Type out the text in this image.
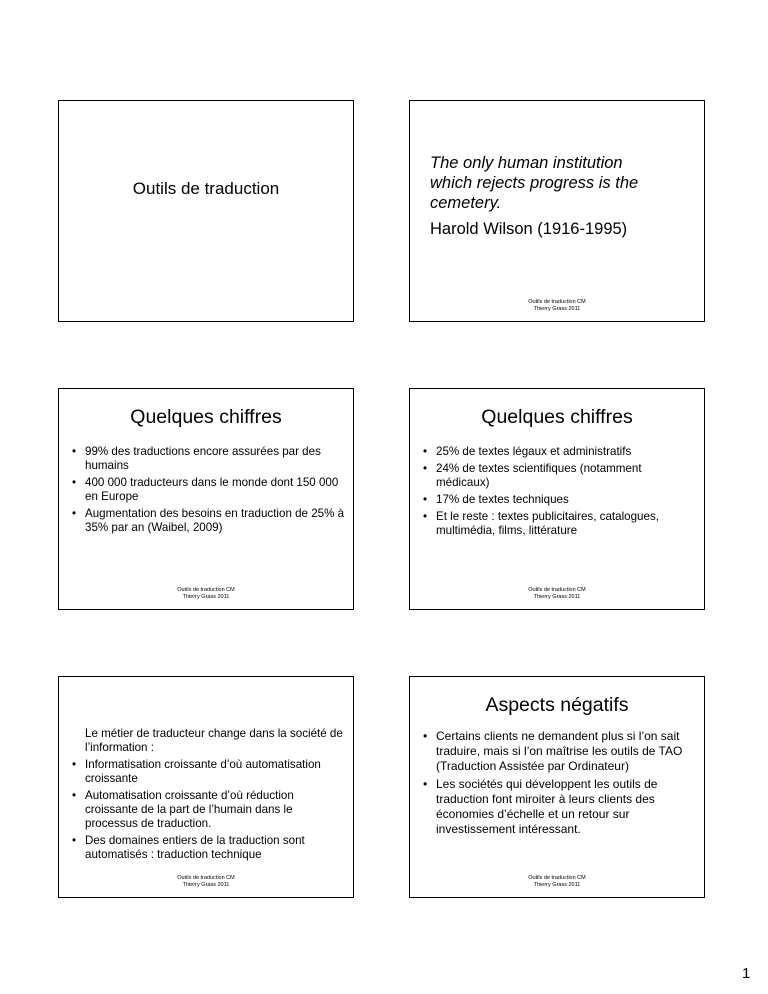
Outils de traduction
The only human institution
which rejects progress is the
cemetery.
Harold Wilson (1916-1995)
Outils de traduction CM
Thierry Grass 2011
Quelques chiffres
• 99% des traductions encore assurées par des humains
• 400 000 traducteurs dans le monde dont 150 000 en Europe
• Augmentation des besoins en traduction de 25% à 35% par an (Waibel, 2009)
Outils de traduction CM
Thierry Grass 2011
Quelques chiffres
• 25% de textes légaux et administratifs
• 24% de textes scientifiques (notamment médicaux)
• 17% de textes techniques
• Et le reste : textes publicitaires, catalogues, multimédia, films, littérature
Outils de traduction CM
Thierry Grass 2011
Le métier de traducteur change dans la société de l’information :
• Informatisation croissante d’où automatisation croissante
• Automatisation croissante d’où réduction croissante de la part de l’humain dans le processus de traduction.
• Des domaines entiers de la traduction sont automatisés : traduction technique
Outils de traduction CM
Thierry Grass 2011
Aspects négatifs
• Certains clients ne demandent plus si l’on sait traduire, mais si l’on maîtrise les outils de TAO (Traduction Assistée par Ordinateur)
• Les sociétés qui développent les outils de traduction font miroiter à leurs clients des économies d’échelle et un retour sur investissement intéressant.
Outils de traduction CM
Thierry Grass 2011
1
